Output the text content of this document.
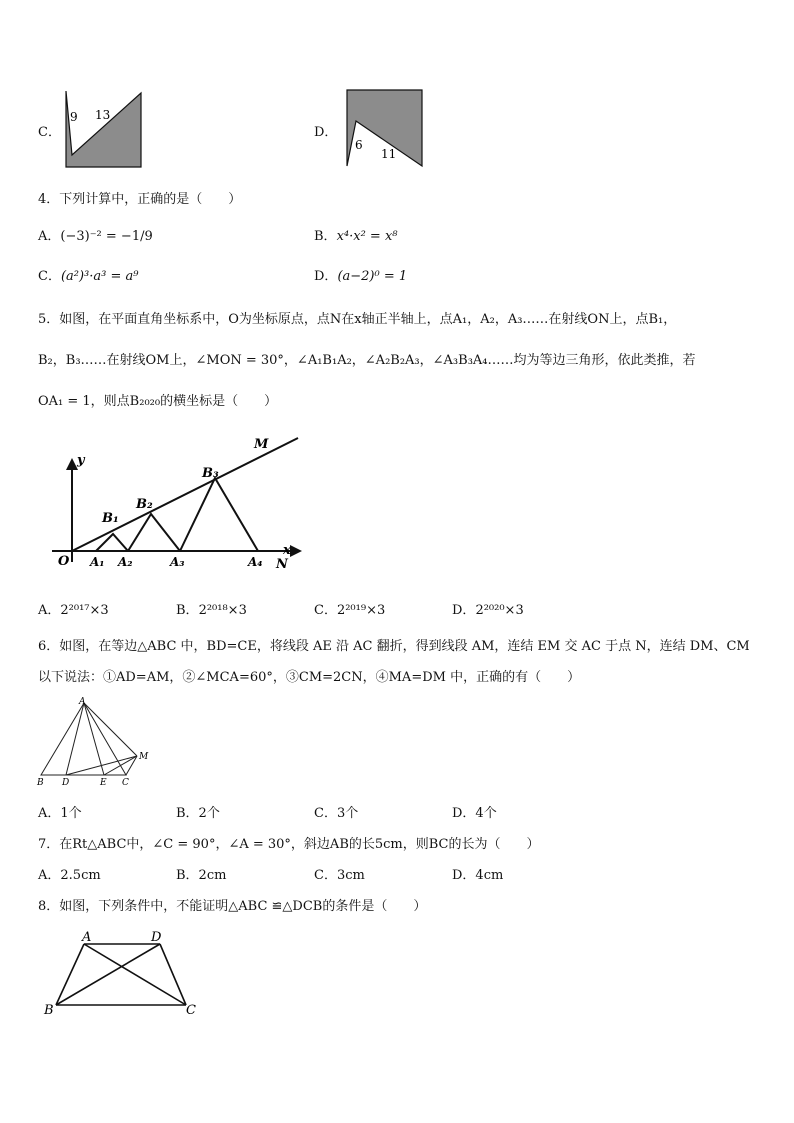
C．
9 13
D．
6
11
4．下列计算中，正确的是（　　）
A．(−3)⁻² = −1/9	B．x⁴·x² = x⁸
C．(a²)³·a³ = a⁹	D．(a−2)⁰ = 1
5．如图，在平面直角坐标系中，O为坐标原点，点N在x轴正半轴上，点A₁，A₂，A₃……在射线ON上，点B₁，
B₂，B₃……在射线OM上，∠MON = 30°，∠A₁B₁A₂，∠A₂B₂A₃，∠A₃B₃A₄……均为等边三角形，依此类推，若
OA₁ = 1，则点B₂₀₂₀的横坐标是（　　）
M
y
B₃
B₂
B₁
O A₁ A₂	A₃	A₄
x
N
A．2²⁰¹⁷×3	B．2²⁰¹⁸×3	C．2²⁰¹⁹×3	D．2²⁰²⁰×3
6．如图，在等边△ABC 中，BD=CE，将线段 AE 沿 AC 翻折，得到线段 AM，连结 EM 交 AC 于点 N，连结 DM、CM
以下说法：①AD=AM，②∠MCA=60°，③CM=2CN，④MA=DM 中，正确的有（　　）
A
M
B D	E C
A．1个	B．2个	C．3个	D．4个
7．在Rt△ABC中，∠C = 90°，∠A = 30°，斜边AB的长5cm，则BC的长为（　　）
A．2.5cm	B．2cm	C．3cm	D．4cm
8．如图，下列条件中，不能证明△ABC ≌△DCB的条件是（　　）
A	D
B	C
